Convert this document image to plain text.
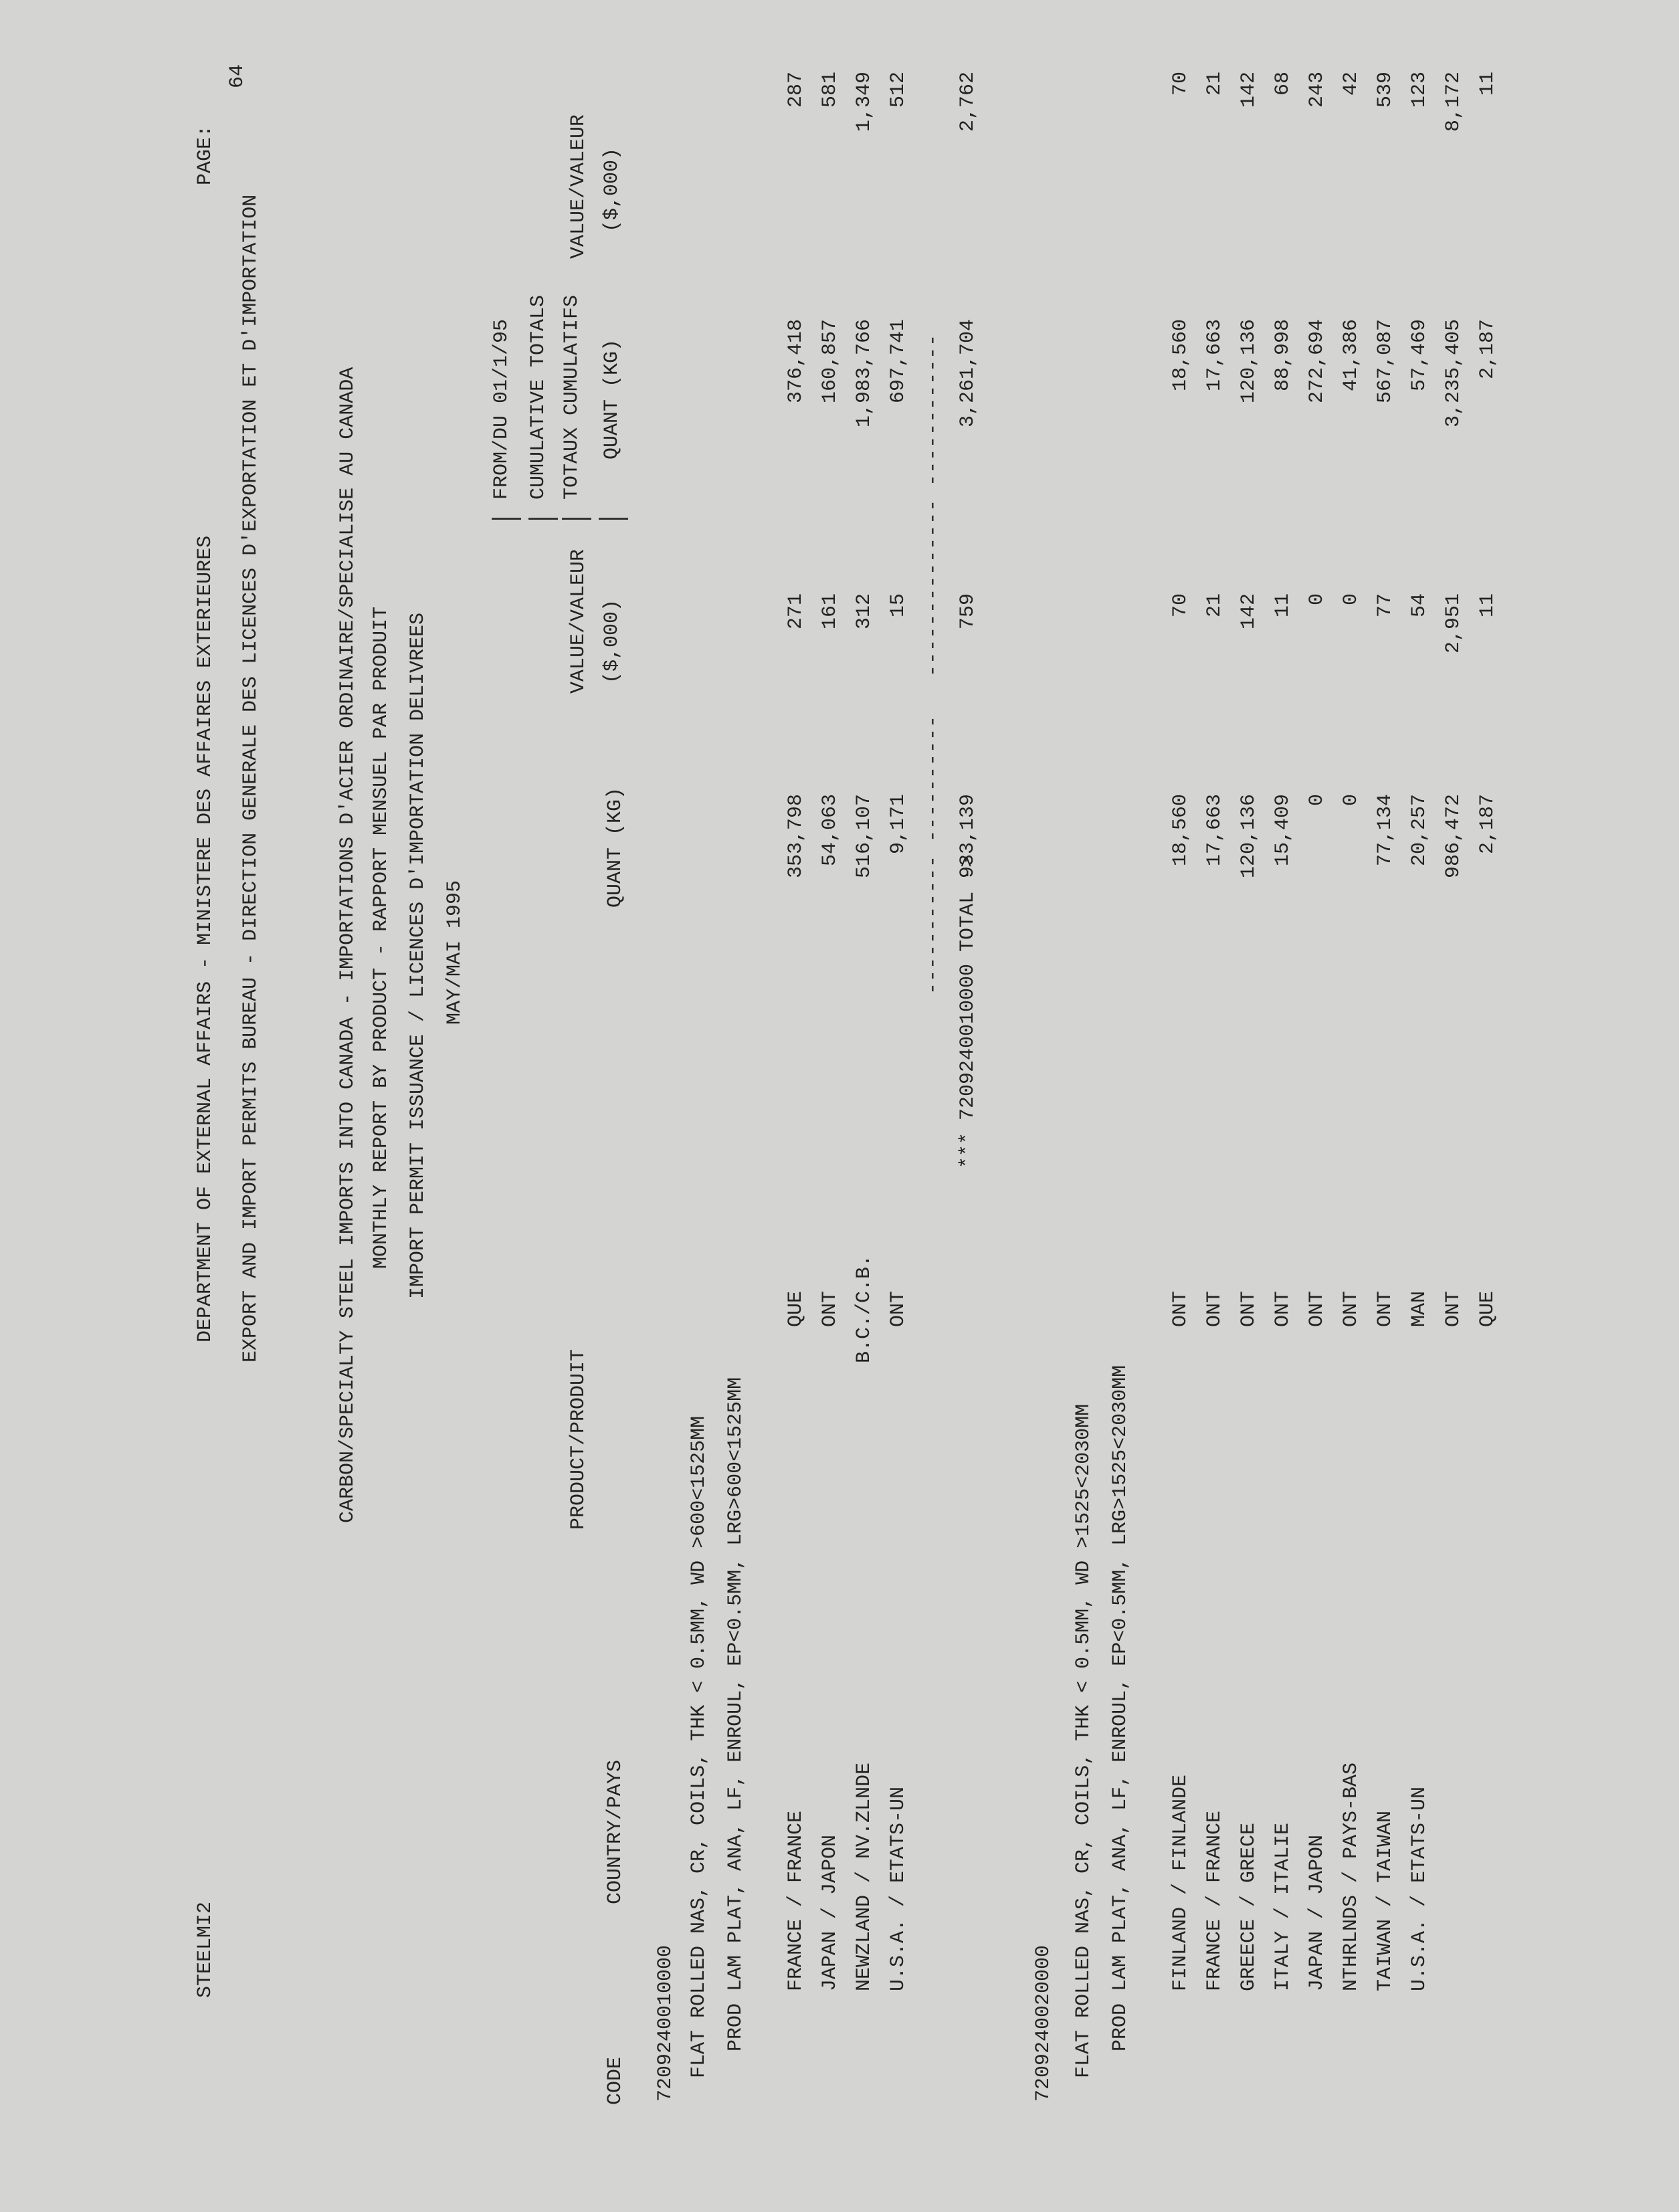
STEELMI2
DEPARTMENT OF EXTERNAL AFFAIRS - MINISTERE DES AFFAIRES EXTERIEURES
PAGE:
64
EXPORT AND IMPORT PERMITS BUREAU - DIRECTION GENERALE DES LICENCES D'EXPORTATION ET D'IMPORTATION	CARBON/SPECIALTY STEEL IMPORTS INTO CANADA - IMPORTATIONS D'ACIER ORDINAIRE/SPECIALISE AU CANADA MONTHLY REPORT BY PRODUCT - RAPPORT MENSUEL PAR PRODUIT IMPORT PERMIT ISSUANCE / LICENCES D'IMPORTATION DELIVREES MAY/MAI 1995
FROM/DU 01/1/95 CUMULATIVE TOTALS TOTAUX CUMULATIFS
PRODUCT/PRODUIT
VALUE/VALEUR
VALUE/VALEUR
($,000)
QUANT (KG)
($,000)
CODE
COUNTRY/PAYS
QUANT (KG)
7209240010000 FLAT ROLLED NAS, CR, COILS, THK < 0.5MM, WD >600<1525MM PROD LAM PLAT, ANA, LF, ENROUL, EP<0.5MM, LRG>600<1525MM FRANCE / FRANCE
QUE
353,798
271
376,418
287
JAPAN / JAPON
ONT
54,063
161
160,857
581
NEWZLAND / NV.ZLNDE
B.C./C.B.
516,107
312
1,983,766
1,349
U.S.A. / ETATS-UN
ONT
9,171
15
697,741
512
----------- ----------   -------------- ------------
*** 7209240010000 TOTAL ->
933,139
759
3,261,704
2,762
7209240020000 FLAT ROLLED NAS, CR, COILS, THK < 0.5MM, WD >1525<2030MM PROD LAM PLAT, ANA, LF, ENROUL, EP<0.5MM, LRG>1525<2030MM FINLAND / FINLANDE
ONT
18,560
70
18,560
70
FRANCE / FRANCE
ONT
17,663
21
17,663
21
GREECE / GRECE
ONT
120,136
142
120,136
142
ITALY / ITALIE
ONT
15,409
11
88,998
68
JAPAN / JAPON
ONT
0
0
272,694
243
NTHRLNDS / PAYS-BAS
ONT
0
0
41,386
42
TAIWAN / TAIWAN
ONT
77,134
77
567,087
539
U.S.A. / ETATS-UN
MAN
20,257
54
57,469
123
ONT
986,472
2,951
3,235,405
8,172
QUE
2,187
11
2,187
11
